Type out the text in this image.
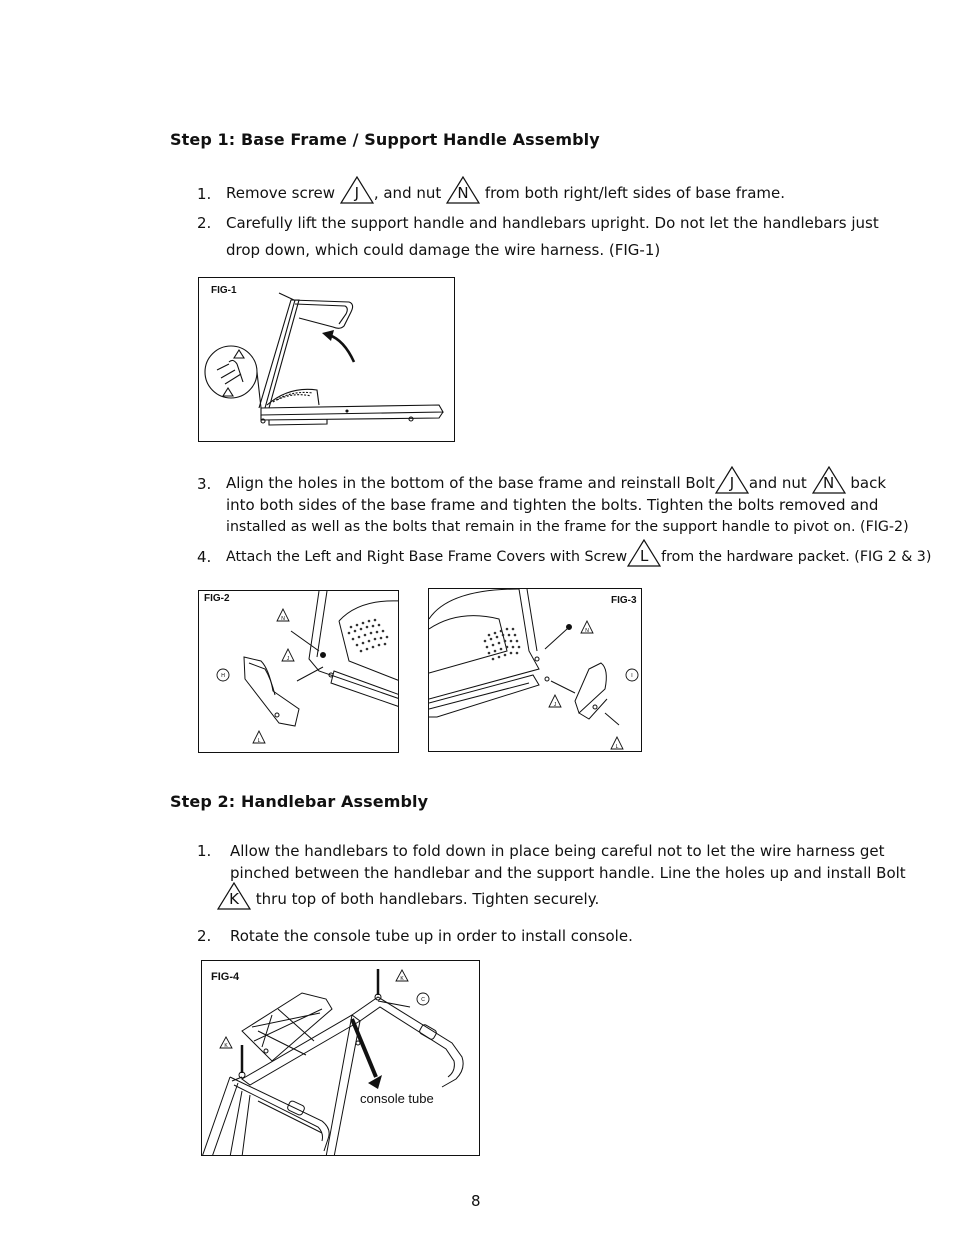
Step 1: Base Frame / Support Handle Assembly
1. Remove screw	J , and nut	N	from both right/left sides of base frame.
2. Carefully lift the support handle and handlebars upright. Do not let the handlebars just
drop down, which could damage the wire harness. (FIG-1)
FIG-1
3. Align the holes in the bottom of the base frame and reinstall Bolt J and nut	N	back
into both sides of the base frame and tighten the bolts. Tighten the bolts removed and
installed as well as the bolts that remain in the frame for the support handle to pivot on. (FIG-2)
4. Attach the Left and Right Base Frame Covers with Screw L from the hardware packet. (FIG 2 & 3)
FIG-2
N
H
J
L
FIG-3
N
I
J
L
Step 2: Handlebar Assembly
1. Allow the handlebars to fold down in place being careful not to let the wire harness get
pinched between the handlebar and the support handle. Line the holes up and install Bolt
K	thru top of both handlebars. Tighten securely.
2. Rotate the console tube up in order to install console.
FIG-4	K
C
K
console tube
8
